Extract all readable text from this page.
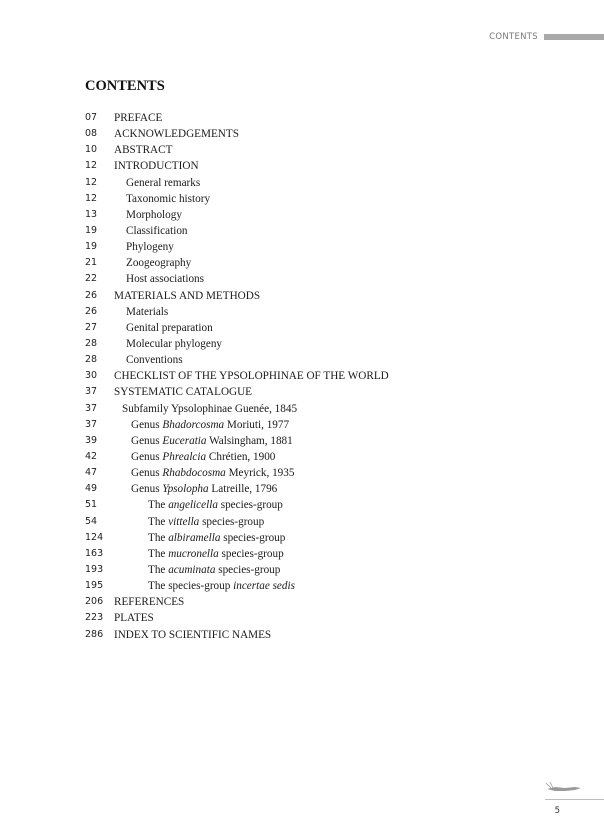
CONTENTS
CONTENTS
07 PREFACE
08 ACKNOWLEDGEMENTS
10 ABSTRACT
12 INTRODUCTION
12	General remarks
12	Taxonomic history
13	Morphology
19	Classification
19	Phylogeny
21	Zoogeography
22	Host associations
26 MATERIALS AND METHODS
26	Materials
27	Genital preparation
28	Molecular phylogeny
28	Conventions
30 CHECKLIST OF THE YPSOLOPHINAE OF THE WORLD
37 SYSTEMATIC CATALOGUE
37 Subfamily Ypsolophinae Guenée, 1845
37	Genus Bhadorcosma Moriuti, 1977
39	Genus Euceratia Walsingham, 1881
42	Genus Phrealcia Chrétien, 1900
47	Genus Rhabdocosma Meyrick, 1935
49	Genus Ypsolopha Latreille, 1796
51	The angelicella species-group
54	The vittella species-group
124	The albiramella species-group
163	The mucronella species-group
193	The acuminata species-group
195	The species-group incertae sedis
206 REFERENCES
223 PLATES
286 INDEX TO SCIENTIFIC NAMES
5
